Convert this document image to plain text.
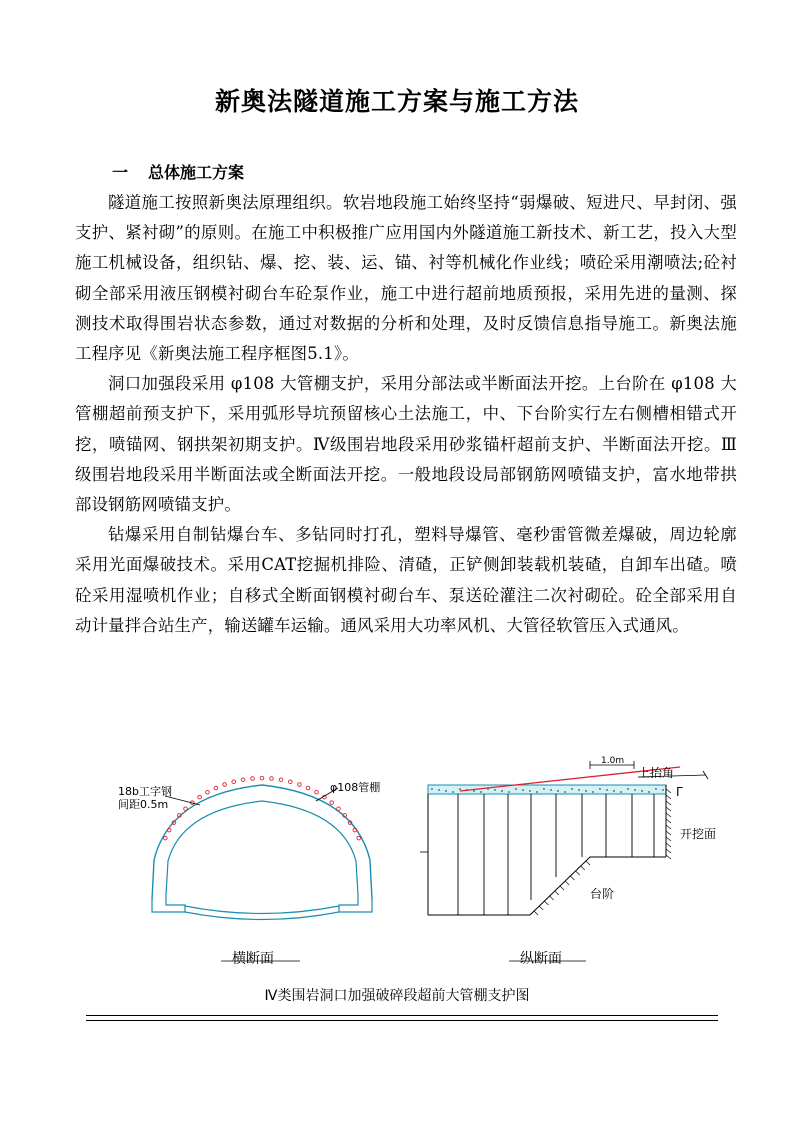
新奥法隧道施工方案与施工方法
一 总体施工方案

隧道施工按照新奥法原理组织。软岩地段施工始终坚持“弱爆破、短进尺、早封闭、强支护、紧衬砌”的原则。在施工中积极推广应用国内外隧道施工新技术、新工艺，投入大型施工机械设备，组织钻、爆、挖、装、运、锚、衬等机械化作业线；喷砼采用潮喷法;砼衬砌全部采用液压钢模衬砌台车砼泵作业，施工中进行超前地质预报，采用先进的量测、探测技术取得围岩状态参数，通过对数据的分析和处理，及时反馈信息指导施工。新奥法施工程序见《新奥法施工程序框图5.1》。

洞口加强段采用 φ108 大管棚支护，采用分部法或半断面法开挖。上台阶在 φ108 大管棚超前预支护下，采用弧形导坑预留核心土法施工，中、下台阶实行左右侧槽相错式开挖，喷锚网、钢拱架初期支护。Ⅳ级围岩地段采用砂浆锚杆超前支护、半断面法开挖。Ⅲ级围岩地段采用半断面法或全断面法开挖。一般地段设局部钢筋网喷锚支护，富水地带拱部设钢筋网喷锚支护。

钻爆采用自制钻爆台车、多钻同时打孔，塑料导爆管、毫秒雷管微差爆破，周边轮廓采用光面爆破技术。采用CAT挖掘机排险、清碴，正铲侧卸装载机装碴，自卸车出碴。喷砼采用湿喷机作业；自移式全断面钢模衬砌台车、泵送砼灌注二次衬砌砼。砼全部采用自动计量拌合站生产，输送罐车运输。通风采用大功率风机、大管径软管压入式通风。

18b工字钢
间距0.5m
φ108管棚
横断面
1.0m
上抬角
Γ
开挖面
台阶
纵断面
Ⅳ类围岩洞口加强破碎段超前大管棚支护图
